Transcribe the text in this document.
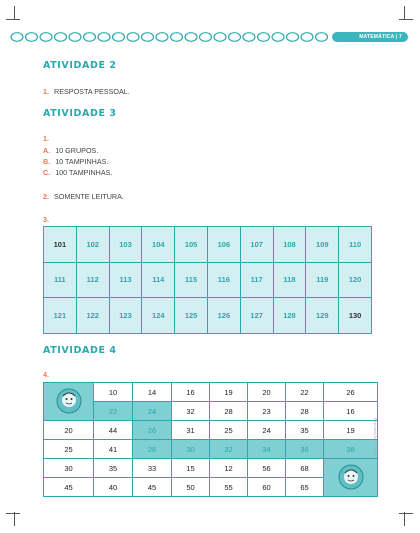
MATEMÁTICA | 7
ATIVIDADE 2
1. RESPOSTA PESSOAL.
ATIVIDADE 3
1.
A. 10 GRUPOS.
B. 10 TAMPINHAS.
C. 100 TAMPINHAS.
2. SOMENTE LEITURA.
3.
101	102	103	104	105	106	107	108	109	110
111	112	113	114	115	116	117	118	119	120
121	122	123	124	125	126	127	128	129	130
ATIVIDADE 4
4.
	10	14	16	19	20	22	26
	22	24	32	28	23	28	16
20	44	26	31	25	24	35	19
25	41	28	30	32	34	36	38
30	35	33	15	12	56	68	
45	40	45	50	55	60	65	
Reprodução proibida
